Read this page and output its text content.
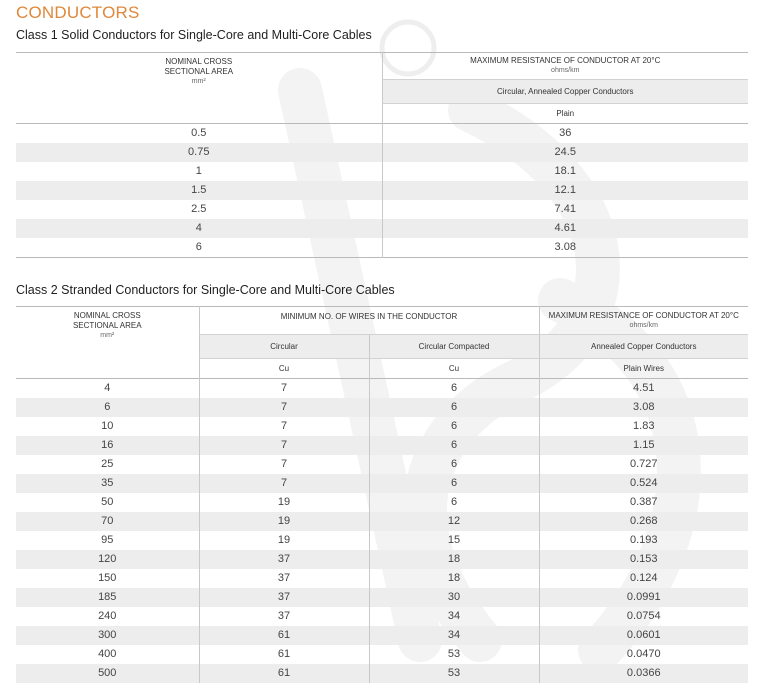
CONDUCTORS
Class 1 Solid Conductors for Single-Core and Multi-Core Cables
NOMINAL CROSS SECTIONAL AREA
mm²	MAXIMUM RESISTANCE OF CONDUCTOR AT 20°C
ohms/km

	Circular, Annealed Copper Conductors
	Plain
0.5	36
0.75	24.5
1	18.1
1.5	12.1
2.5	7.41
4	4.61
6	3.08
Class 2 Stranded Conductors for Single-Core and Multi-Core Cables
NOMINAL CROSS SECTIONAL AREA
mm²	MINIMUM NO. OF WIRES IN THE CONDUCTOR		MAXIMUM RESISTANCE OF CONDUCTOR AT 20°C
ohms/km

	Circular	Circular Compacted	Annealed Copper Conductors
	Cu	Cu	Plain Wires
4	7	6	4.51
6	7	6	3.08
10	7	6	1.83
16	7	6	1.15
25	7	6	0.727
35	7	6	0.524
50	19	6	0.387
70	19	12	0.268
95	19	15	0.193
120	37	18	0.153
150	37	18	0.124
185	37	30	0.0991
240	37	34	0.0754
300	61	34	0.0601
400	61	53	0.0470
500	61	53	0.0366
